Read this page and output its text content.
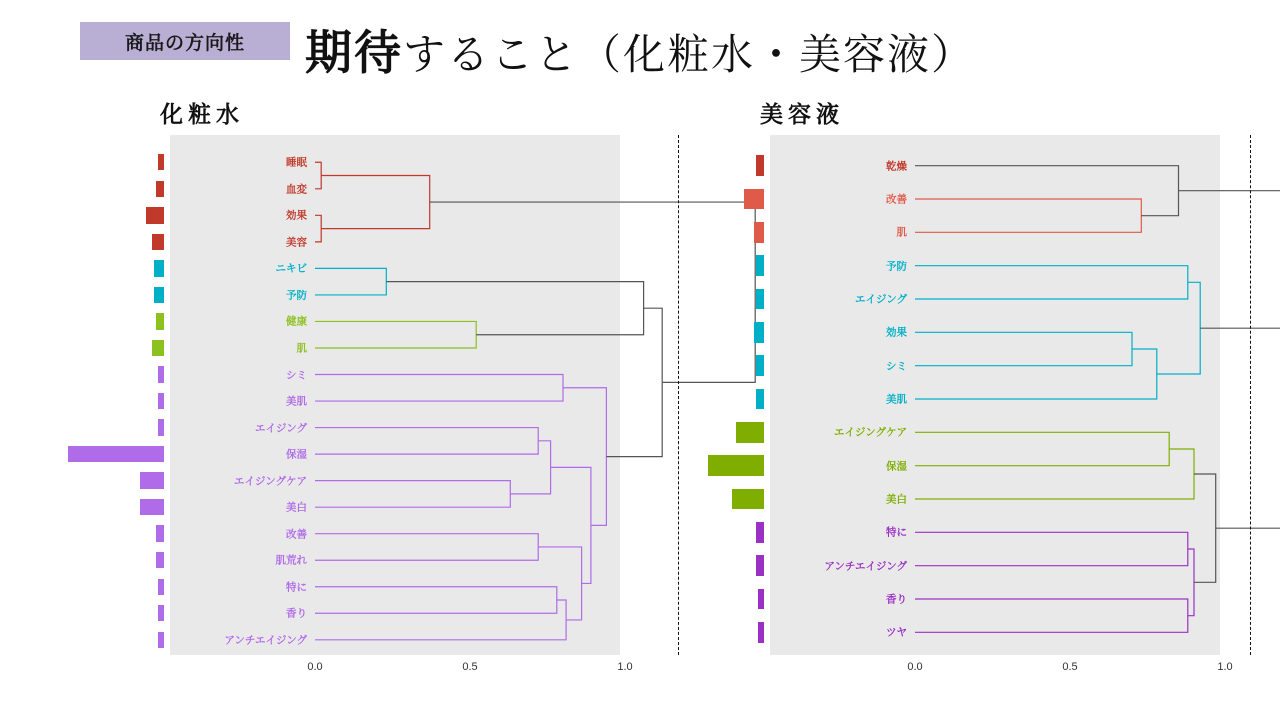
商品の方向性	期待すること（化粧水・美容液）
化粧水
0.0	0.5	1.0
睡眠
血変
効果
美容
ニキビ
予防
健康
肌
シミ
美肌
エイジング
保湿
エイジングケア
美白
改善
肌荒れ
特に
香り
アンチエイジング
美容液
0.0	0.5	1.0
乾燥
改善
肌
予防
エイジング
効果
シミ
美肌
エイジングケア
保湿
美白
特に
アンチエイジング
香り
ツヤ
